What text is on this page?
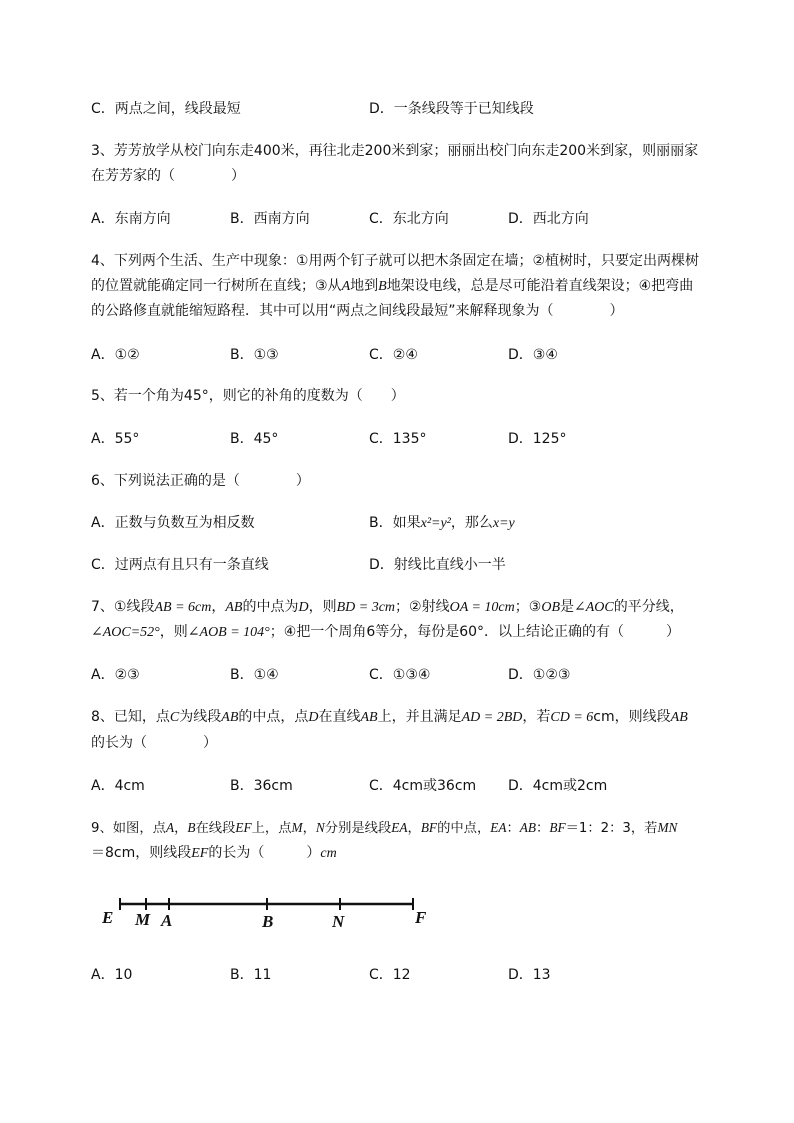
C．两点之间，线段最短	D．一条线段等于已知线段
3、芳芳放学从校门向东走400米，再往北走200米到家；丽丽出校门向东走200米到家，则丽丽家
在芳芳家的（　　　　）
A．东南方向	B．西南方向	C．东北方向	D．西北方向
4、下列两个生活、生产中现象：①用两个钉子就可以把木条固定在墙；②植树时，只要定出两棵树
的位置就能确定同一行树所在直线；③从A地到B地架设电线，总是尽可能沿着直线架设；④把弯曲
的公路修直就能缩短路程．其中可以用“两点之间线段最短”来解释现象为（　　　　）
A．①②	B．①③	C．②④	D．③④
5、若一个角为45°，则它的补角的度数为（　　）
A．55°	B．45°	C．135°	D．125°
6、下列说法正确的是（　　　　）
A．正数与负数互为相反数	B．如果x²=y²，那么x=y
C．过两点有且只有一条直线	D．射线比直线小一半
7、①线段AB = 6cm，AB的中点为D，则BD = 3cm；②射线OA = 10cm；③OB是∠AOC的平分线，
∠AOC=52°，则∠AOB = 104°；④把一个周角6等分，每份是60°．以上结论正确的有（　　　）
A．②③	B．①④	C．①③④	D．①②③
8、已知，点C为线段AB的中点，点D在直线AB上，并且满足AD = 2BD，若CD = 6cm，则线段AB
的长为（　　　　）
A．4cm	B．36cm	C．4cm或36cm D．4cm或2cm
9、如图，点A，B在线段EF上，点M，N分别是线段EA，BF的中点，EA：AB：BF＝1：2：3，若MN
＝8cm，则线段EF的长为（　　　）cm
E M A	B	N	F
A．10	B．11	C．12	D．13
